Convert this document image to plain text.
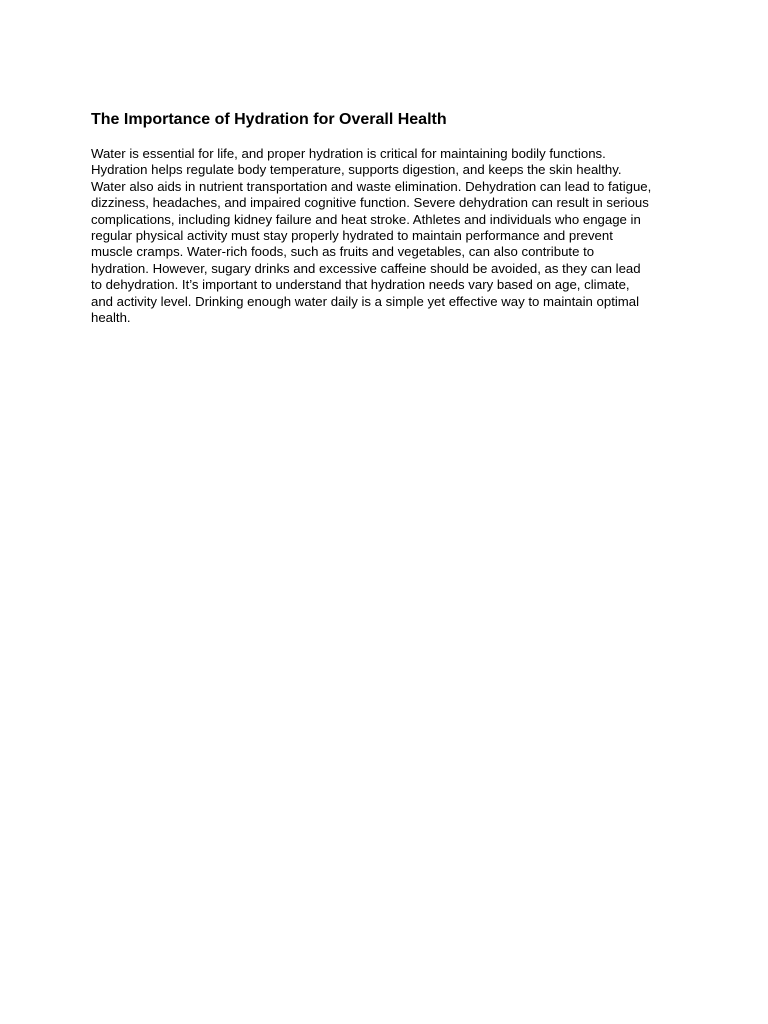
The Importance of Hydration for Overall Health

Water is essential for life, and proper hydration is critical for maintaining bodily functions.
Hydration helps regulate body temperature, supports digestion, and keeps the skin healthy.
Water also aids in nutrient transportation and waste elimination. Dehydration can lead to fatigue,
dizziness, headaches, and impaired cognitive function. Severe dehydration can result in serious
complications, including kidney failure and heat stroke. Athletes and individuals who engage in
regular physical activity must stay properly hydrated to maintain performance and prevent
muscle cramps. Water-rich foods, such as fruits and vegetables, can also contribute to
hydration. However, sugary drinks and excessive caffeine should be avoided, as they can lead
to dehydration. It’s important to understand that hydration needs vary based on age, climate,
and activity level. Drinking enough water daily is a simple yet effective way to maintain optimal
health.
